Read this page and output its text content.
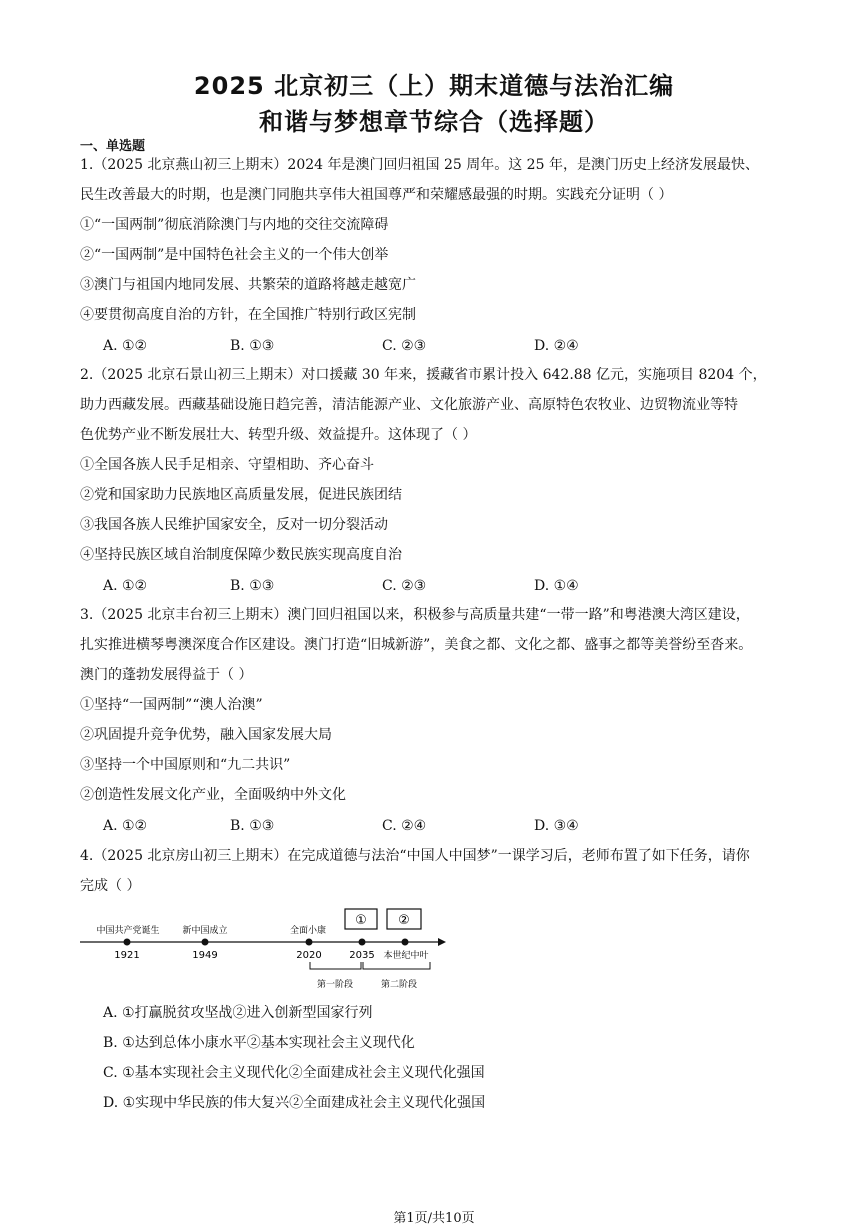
2025 北京初三（上）期末道德与法治汇编
和谐与梦想章节综合（选择题）
一、单选题
1.（2025 北京燕山初三上期末）2024 年是澳门回归祖国 25 周年。这 25 年，是澳门历史上经济发展最快、
民生改善最大的时期，也是澳门同胞共享伟大祖国尊严和荣耀感最强的时期。实践充分证明（ ）
①“一国两制”彻底消除澳门与内地的交往交流障碍
②“一国两制”是中国特色社会主义的一个伟大创举
③澳门与祖国内地同发展、共繁荣的道路将越走越宽广
④要贯彻高度自治的方针，在全国推广特别行政区宪制
A. ①②	B. ①③	C. ②③	D. ②④
2.（2025 北京石景山初三上期末）对口援藏 30 年来，援藏省市累计投入 642.88 亿元，实施项目 8204 个，
助力西藏发展。西藏基础设施日趋完善，清洁能源产业、文化旅游产业、高原特色农牧业、边贸物流业等特
色优势产业不断发展壮大、转型升级、效益提升。这体现了（ ）
①全国各族人民手足相亲、守望相助、齐心奋斗
②党和国家助力民族地区高质量发展，促进民族团结
③我国各族人民维护国家安全，反对一切分裂活动
④坚持民族区域自治制度保障少数民族实现高度自治
A. ①②	B. ①③	C. ②③	D. ①④
3.（2025 北京丰台初三上期末）澳门回归祖国以来，积极参与高质量共建“一带一路”和粤港澳大湾区建设，
扎实推进横琴粤澳深度合作区建设。澳门打造“旧城新游”，美食之都、文化之都、盛事之都等美誉纷至沓来。
澳门的蓬勃发展得益于（ ）
①坚持“一国两制”“澳人治澳”
②巩固提升竞争优势，融入国家发展大局
③坚持一个中国原则和“九二共识”
②创造性发展文化产业，全面吸纳中外文化
A. ①②	B. ①③	C. ②④	D. ③④
4.（2025 北京房山初三上期末）在完成道德与法治“中国人中国梦”一课学习后，老师布置了如下任务，请你
完成（ ）
① ②
中国共产党诞生	新中国成立	全面小康
1921	1949	2020	2035 本世纪中叶
第一阶段	第二阶段
A. ①打赢脱贫攻坚战②进入创新型国家行列
B. ①达到总体小康水平②基本实现社会主义现代化
C. ①基本实现社会主义现代化②全面建成社会主义现代化强国
D. ①实现中华民族的伟大复兴②全面建成社会主义现代化强国
第1页/共10页
